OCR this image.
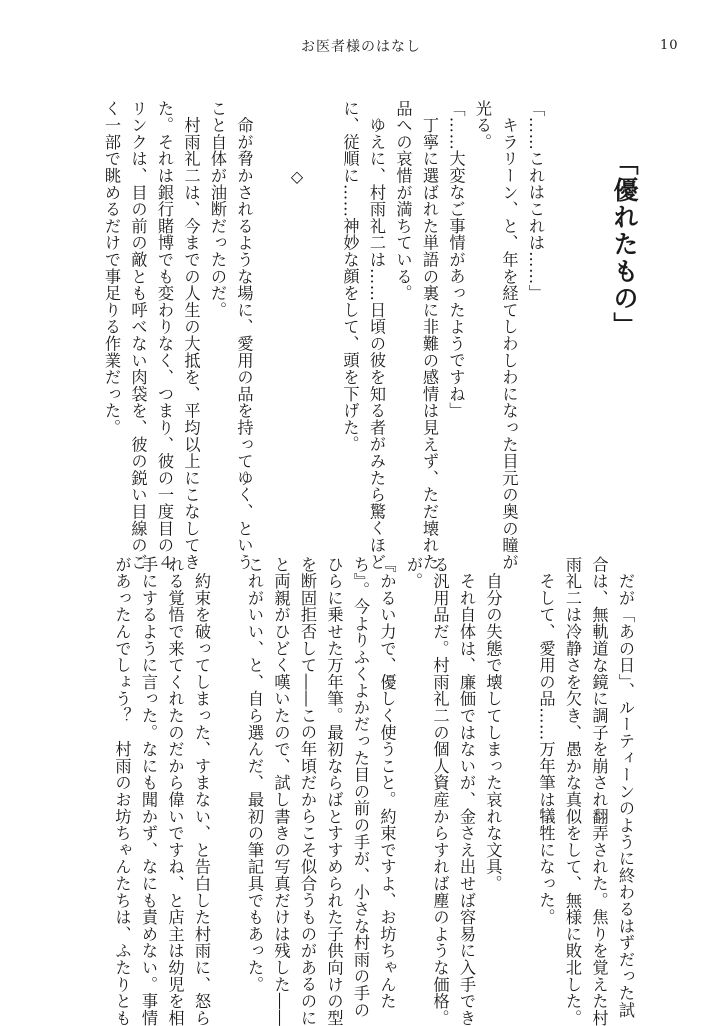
お医者様のはなし	10
「優れたもの」

「……これはこれは……」

　キラリーン、と、年を経てしわしわになった目元の奥の瞳が

光る。

「……大変なご事情があったようですね」

　丁寧に選ばれた単語の裏に非難の感情は見えず、ただ壊れた

品への哀惜が満ちている。

　ゆえに、村雨礼二は……日頃の彼を知る者がみたら驚くほど

に、従順に……神妙な顔をして、頭を下げた。

　　　　◇

　命が脅かされるような場に、愛用の品を持ってゆく、という

こと自体が油断だったのだ。

　村雨礼二は、今までの人生の大抵を、平均以上にこなしてき

た。それは銀行賭博でも変わりなく、つまり、彼の一度目の４

リンクは、目の前の敵とも呼べない肉袋を、彼の鋭い目線のご

く一部で眺めるだけで事足りる作業だった。

　だが「あの日」、ルーティーンのように終わるはずだった試

合は、無軌道な鏡に調子を崩され翻弄された。焦りを覚えた村

雨礼二は冷静さを欠き、愚かな真似をして、無様に敗北した。

　そして、愛用の品……万年筆は犠牲になった。

　自分の失態で壊してしまった哀れな文具。

　それ自体は、廉価ではないが、金さえ出せば容易に入手でき

る汎用品だ。村雨礼二の個人資産からすれば塵のような価格。

が。

『かるい力で、優しく使うこと。約束ですよ、お坊ちゃんた

ち』。今よりふくよかだった目の前の手が、小さな村雨の手の

ひらに乗せた万年筆。最初ならばとすすめられた子供向けの型

を断固拒否して――この年頃だからこそ似合うものがあるのに

と両親がひどく嘆いたので、試し書きの写真だけは残した――

これがいい、と、自ら選んだ、最初の筆記具でもあった。

　約束を破ってしまった、すまない、と告白した村雨に、怒ら

れる覚悟で来てくれたのだから偉いですね、と店主は幼児を相

手にするように言った。なにも聞かず、なにも責めない。事情

があったんでしょう？　村雨のお坊ちゃんたちは、ふたりとも
